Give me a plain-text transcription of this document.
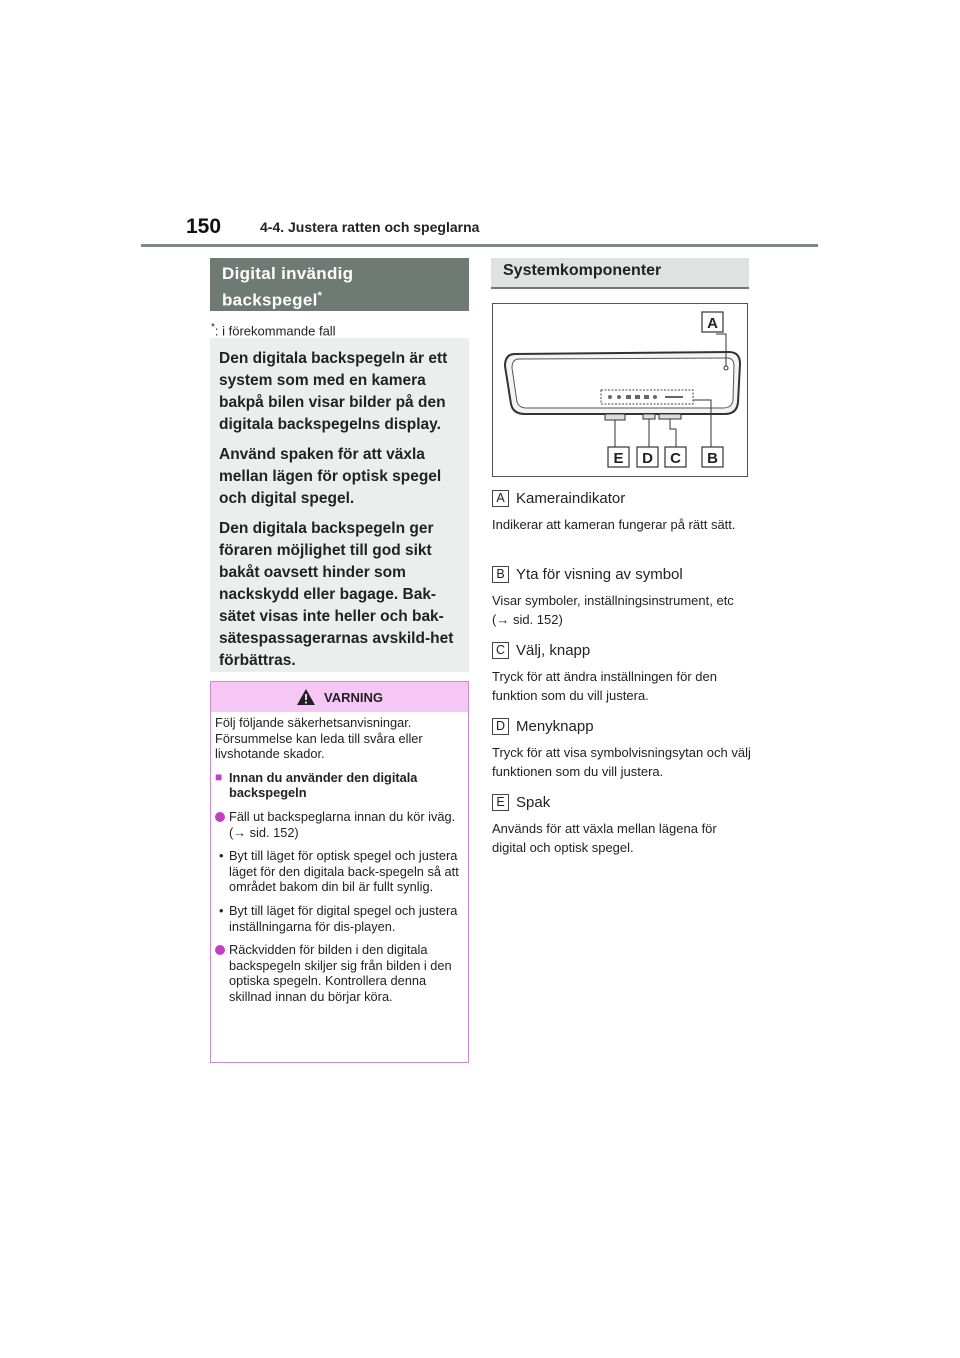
150	4-4. Justera ratten och speglarna
Digital invändig
backspegel*
*: i förekommande fall

Den digitala backspegeln är ett system som med en kamera bakpå bilen visar bilder på den digitala backspegelns display.

Använd spaken för att växla mellan lägen för optisk spegel och digital spegel.

Den digitala backspegeln ger föraren möjlighet till god sikt bakåt oavsett hinder som nackskydd eller bagage. Bak-sätet visas inte heller och bak-sätespassagerarnas avskild-het förbättras.

VARNING

Följ följande säkerhetsanvisningar. Försummelse kan leda till svåra eller livshotande skador.

■ Innan du använder den digitala backspegeln
Fäll ut backspeglarna innan du kör iväg. (→ sid. 152)
• Byt till läget för optisk spegel och justera läget för den digitala back-spegeln så att området bakom din bil är fullt synlig.
• Byt till läget för digital spegel och justera inställningarna för dis-playen.
Räckvidden för bilden i den digitala backspegeln skiljer sig från bilden i den optiska spegeln. Kontrollera denna skillnad innan du börjar köra.
Systemkomponenter
A
E D C B
A Kameraindikator
Indikerar att kameran fungerar på rätt sätt.
B Yta för visning av symbol
Visar symboler, inställningsinstrument, etc (→ sid. 152)
C Välj, knapp
Tryck för att ändra inställningen för den funktion som du vill justera.
D Menyknapp
Tryck för att visa symbolvisningsytan och välj funktionen som du vill justera.
E Spak
Används för att växla mellan lägena för digital och optisk spegel.
